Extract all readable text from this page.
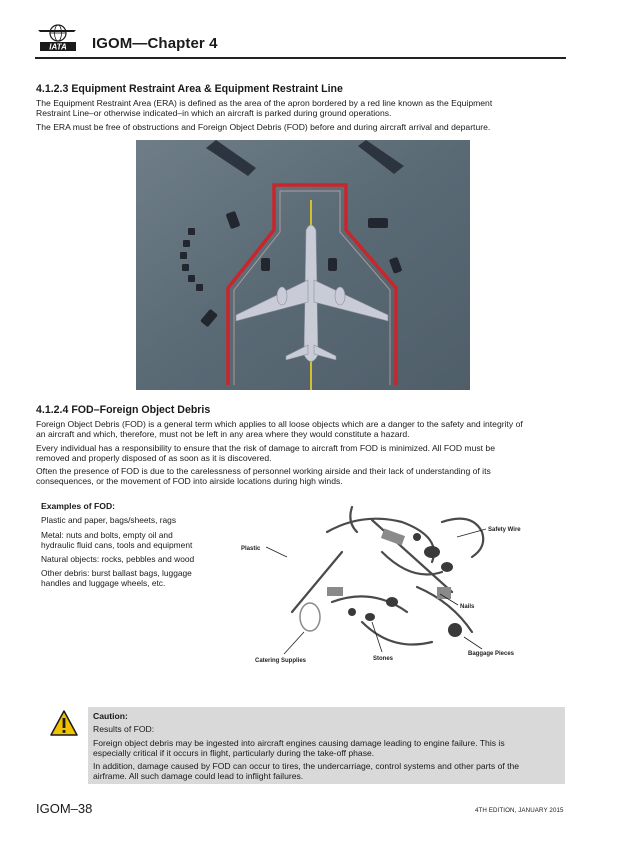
IATA IGOM—Chapter 4
4.1.2.3 Equipment Restraint Area & Equipment Restraint Line
The Equipment Restraint Area (ERA) is defined as the area of the apron bordered by a red line known as the Equipment
Restraint Line–or otherwise indicated–in which an aircraft is parked during ground operations.
The ERA must be free of obstructions and Foreign Object Debris (FOD) before and during aircraft arrival and departure.
4.1.2.4 FOD–Foreign Object Debris
Foreign Object Debris (FOD) is a general term which applies to all loose objects which are a danger to the safety and integrity of
an aircraft and which, therefore, must not be left in any area where they would constitute a hazard.
Every individual has a responsibility to ensure that the risk of damage to aircraft from FOD is minimized. All FOD must be
removed and properly disposed of as soon as it is discovered.
Often the presence of FOD is due to the carelessness of personnel working airside and their lack of understanding of its
consequences, or the movement of FOD into airside locations during high winds.
Examples of FOD:
Plastic and paper, bags/sheets, rags
Metal: nuts and bolts, empty oil and
hydraulic fluid cans, tools and equipment
Natural objects: rocks, pebbles and wood
Other debris: burst ballast bags, luggage
handles and luggage wheels, etc.
Plastic
Safety Wire
Nails
Baggage Pieces
Catering Supplies	Stones
Caution:
Results of FOD:
Foreign object debris may be ingested into aircraft engines causing damage leading to engine failure. This is
especially critical if it occurs in flight, particularly during the take-off phase.
In addition, damage caused by FOD can occur to tires, the undercarriage, control systems and other parts of the
airframe. All such damage could lead to inflight failures.
IGOM–38	4TH EDITION, JANUARY 2015
